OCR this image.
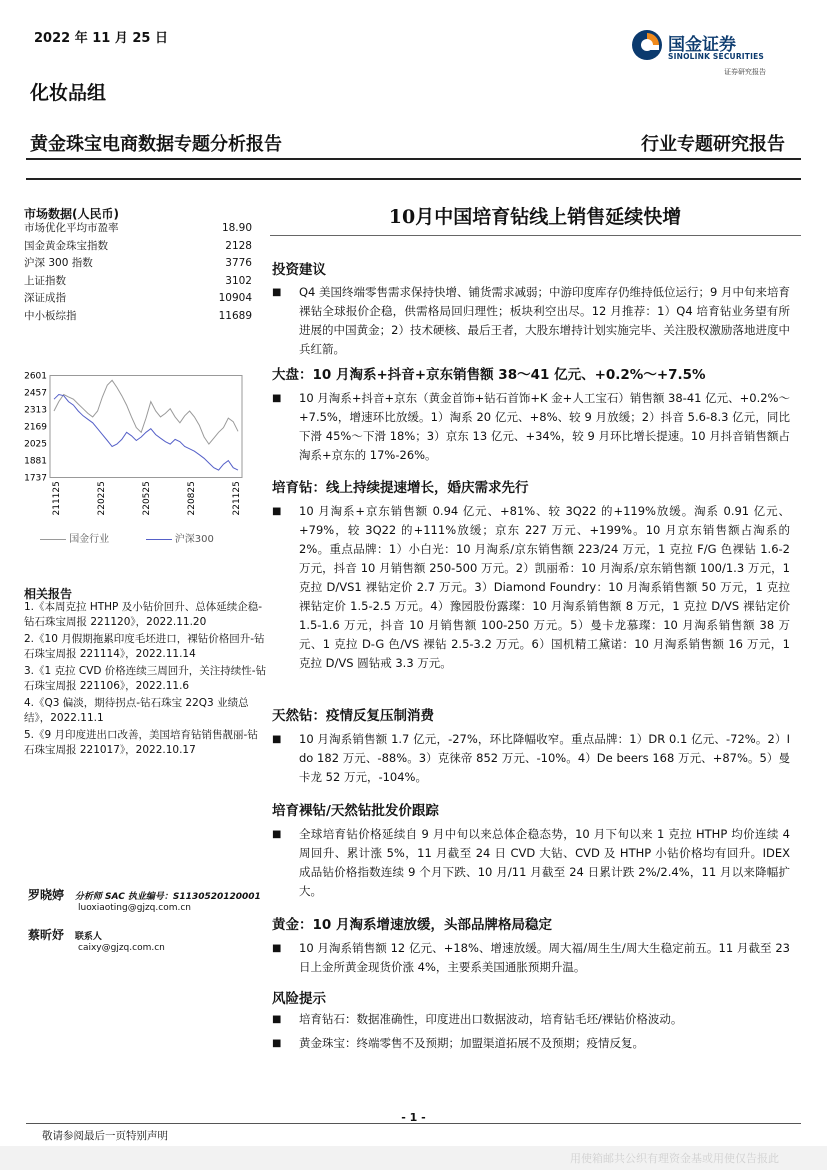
2022 年 11 月 25 日
化妆品组
黄金珠宝电商数据专题分析报告	行业专题研究报告
国金证券
SINOLINK SECURITIES
证券研究报告
市场数据(人民币)
市场优化平均市盈率	18.90
国金黄金珠宝指数	2128
沪深 300 指数	3776
上证指数	3102
深证成指	10904
中小板综指	11689
2601
2457
2313
2169
2025
1881
1737
211125	220225	220525	220825	221125
国金行业	沪深300
相关报告
1.《本周克拉 HTHP 及小钻价回升、总体延续企稳-钻石珠宝周报 221120》，2022.11.20
2.《10 月假期拖累印度毛坯进口，裸钻价格回升-钻石珠宝周报 221114》，2022.11.14
3.《1 克拉 CVD 价格连续三周回升，关注持续性-钻石珠宝周报 221106》，2022.11.6
4.《Q3 偏淡，期待拐点-钻石珠宝 22Q3 业绩总结》，2022.11.1
5.《9 月印度进出口改善，美国培育钻销售靓丽-钻石珠宝周报 221017》，2022.10.17
罗晓婷 分析师 SAC 执业编号：S1130520120001
luoxiaoting@gjzq.com.cn
蔡昕妤 联系人
caixy@gjzq.com.cn
10月中国培育钻线上销售延续快增
投资建议
■	Q4 美国终端零售需求保持快增、铺货需求减弱；中游印度库存仍维持低位运行；9 月中旬来培育裸钻全球报价企稳，供需格局回归理性；板块利空出尽。12 月推荐：1）Q4 培育钻业务望有所进展的中国黄金；2）技术硬核、最后王者，大股东增持计划实施完毕、关注股权激励落地进度中兵红箭。
大盘：10 月淘系+抖音+京东销售额 38～41 亿元、+0.2%～+7.5%
■	10 月淘系+抖音+京东（黄金首饰+钻石首饰+K 金+人工宝石）销售额 38-41 亿元、+0.2%～+7.5%，增速环比放缓。1）淘系 20 亿元、+8%、较 9 月放缓；2）抖音 5.6-8.3 亿元，同比下滑 45%～下滑 18%；3）京东 13 亿元、+34%，较 9 月环比增长提速。10 月抖音销售额占淘系+京东的 17%-26%。
培育钻：线上持续提速增长，婚庆需求先行
■	10 月淘系+京东销售额 0.94 亿元、+81%、较 3Q22 的+119%放缓。淘系 0.91 亿元、+79%，较 3Q22 的+111%放缓；京东 227 万元、+199%。10 月京东销售额占淘系的 2%。重点品牌：1）小白光：10 月淘系/京东销售额 223/24 万元，1 克拉 F/G 色裸钻 1.6-2 万元，抖音 10 月销售额 250-500 万元。2）凯丽希：10 月淘系/京东销售额 100/1.3 万元，1 克拉 D/VS1 裸钻定价 2.7 万元。3）Diamond Foundry：10 月淘系销售额 50 万元，1 克拉裸钻定价 1.5-2.5 万元。4）豫园股份露璨：10 月淘系销售额 8 万元，1 克拉 D/VS 裸钻定价 1.5-1.6 万元，抖音 10 月销售额 100-250 万元。5）曼卡龙慕璨：10 月淘系销售额 38 万元、1 克拉 D-G 色/VS 裸钻 2.5-3.2 万元。6）国机精工黛诺：10 月淘系销售额 16 万元，1 克拉 D/VS 圆钻戒 3.3 万元。
天然钻：疫情反复压制消费
■	10 月淘系销售额 1.7 亿元，-27%，环比降幅收窄。重点品牌：1）DR 0.1 亿元、-72%。2）I do 182 万元、-88%。3）克徕帝 852 万元、-10%。4）De beers 168 万元、+87%。5）曼卡龙 52 万元，-104%。
培育裸钻/天然钻批发价跟踪
■	全球培育钻价格延续自 9 月中旬以来总体企稳态势，10 月下旬以来 1 克拉 HTHP 均价连续 4 周回升、累计涨 5%，11 月截至 24 日 CVD 大钻、CVD 及 HTHP 小钻价格均有回升。IDEX 成品钻价格指数连续 9 个月下跌、10 月/11 月截至 24 日累计跌 2%/2.4%，11 月以来降幅扩大。
黄金：10 月淘系增速放缓，头部品牌格局稳定
■	10 月淘系销售额 12 亿元、+18%、增速放缓。周大福/周生生/周大生稳定前五。11 月截至 23 日上金所黄金现货价涨 4%，主要系美国通胀预期升温。
风险提示
■	培育钻石：数据准确性，印度进出口数据波动，培育钻毛坯/裸钻价格波动。
■	黄金珠宝：终端零售不及预期；加盟渠道拓展不及预期；疫情反复。
- 1 -
敬请参阅最后一页特别声明
用使箱邮共公织有理资金基或用使仅告报此
